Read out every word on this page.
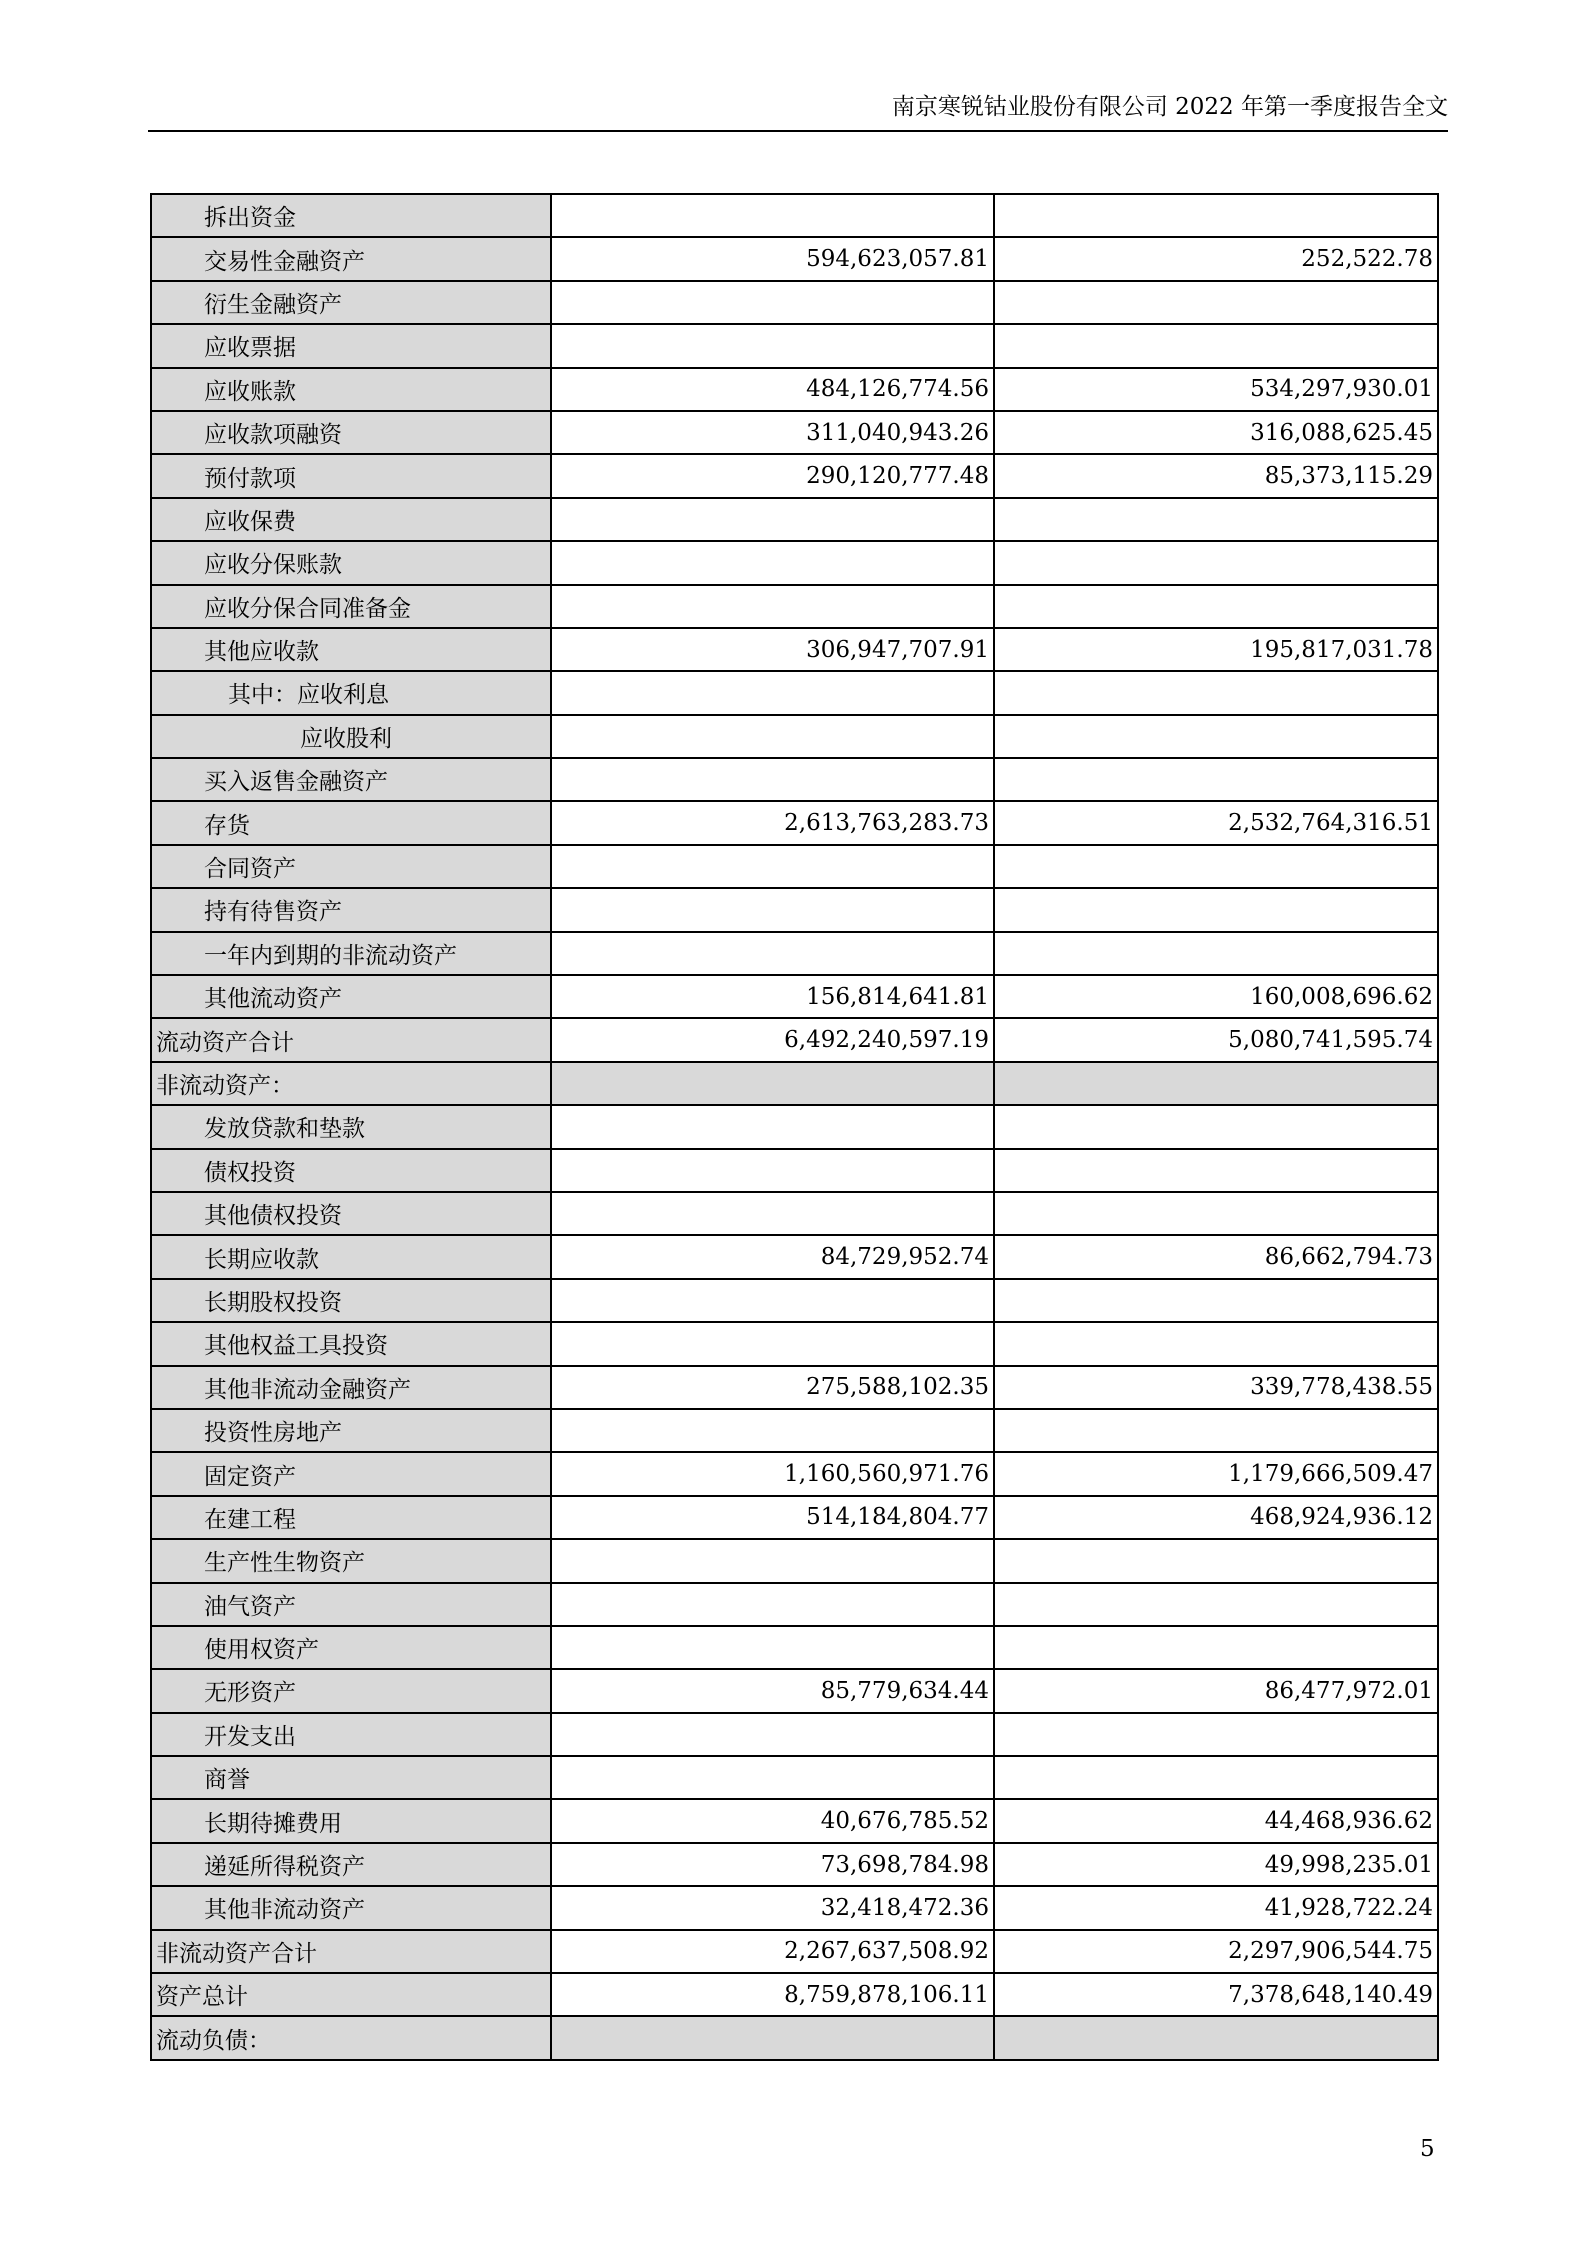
南京寒锐钴业股份有限公司 2022 年第一季度报告全文
拆出资金		
交易性金融资产	594,623,057.81	252,522.78
衍生金融资产		
应收票据		
应收账款	484,126,774.56	534,297,930.01
应收款项融资	311,040,943.26	316,088,625.45
预付款项	290,120,777.48	85,373,115.29
应收保费		
应收分保账款		
应收分保合同准备金		
其他应收款	306,947,707.91	195,817,031.78
其中：应收利息		
应收股利		
买入返售金融资产		
存货	2,613,763,283.73	2,532,764,316.51
合同资产		
持有待售资产		
一年内到期的非流动资产		
其他流动资产	156,814,641.81	160,008,696.62
流动资产合计	6,492,240,597.19	5,080,741,595.74
非流动资产：		
发放贷款和垫款		
债权投资		
其他债权投资		
长期应收款	84,729,952.74	86,662,794.73
长期股权投资		
其他权益工具投资		
其他非流动金融资产	275,588,102.35	339,778,438.55
投资性房地产		
固定资产	1,160,560,971.76	1,179,666,509.47
在建工程	514,184,804.77	468,924,936.12
生产性生物资产		
油气资产		
使用权资产		
无形资产	85,779,634.44	86,477,972.01
开发支出		
商誉		
长期待摊费用	40,676,785.52	44,468,936.62
递延所得税资产	73,698,784.98	49,998,235.01
其他非流动资产	32,418,472.36	41,928,722.24
非流动资产合计	2,267,637,508.92	2,297,906,544.75
资产总计	8,759,878,106.11	7,378,648,140.49
流动负债：		
5
